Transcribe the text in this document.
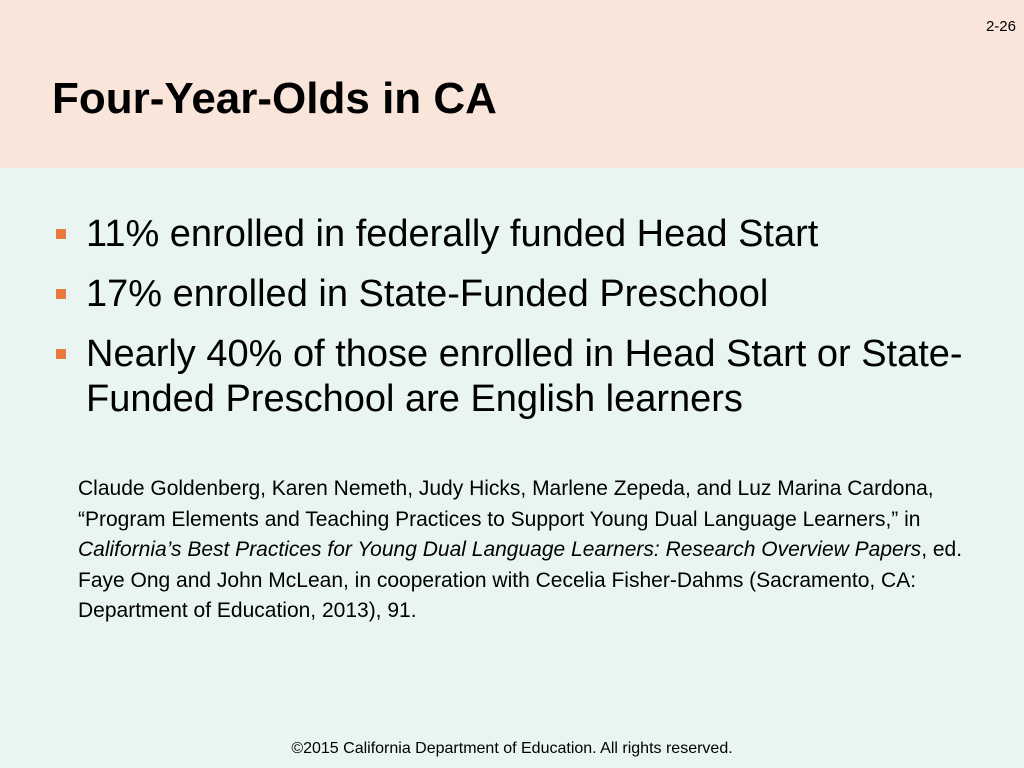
2-26
Four-Year-Olds in CA
11% enrolled in federally funded Head Start
17% enrolled in State-Funded Preschool
Nearly 40% of those enrolled in Head Start or State-Funded Preschool are English learners
Claude Goldenberg, Karen Nemeth, Judy Hicks, Marlene Zepeda, and Luz Marina Cardona, “Program Elements and Teaching Practices to Support Young Dual Language Learners,” in California’s Best Practices for Young Dual Language Learners: Research Overview Papers, ed. Faye Ong and John McLean, in cooperation with Cecelia Fisher-Dahms (Sacramento, CA: Department of Education, 2013), 91.
©2015 California Department of Education. All rights reserved.
